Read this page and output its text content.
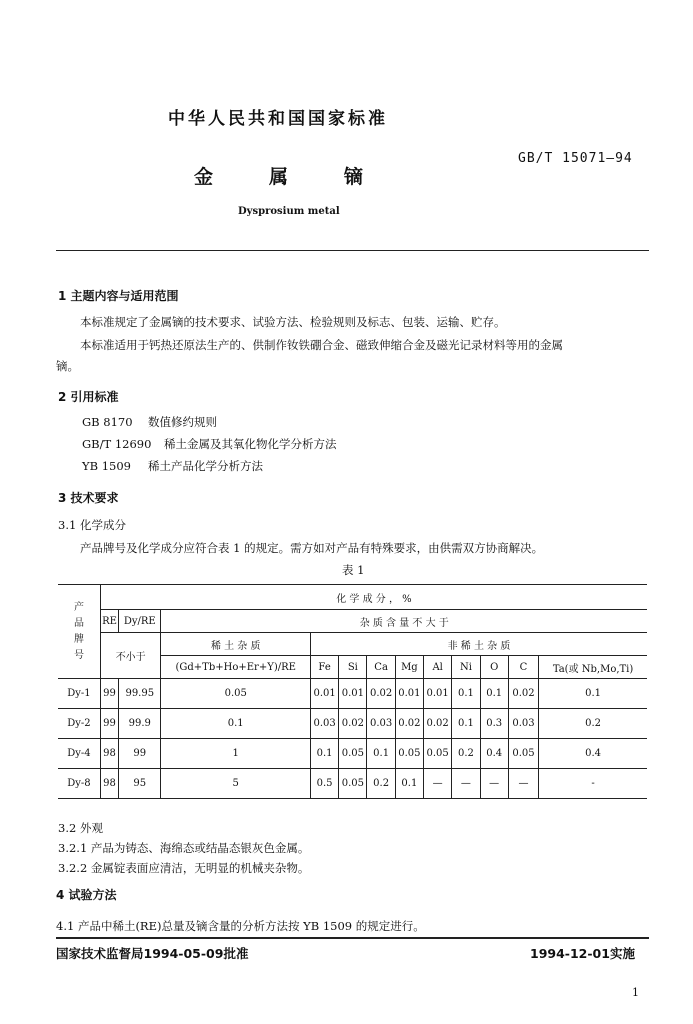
中华人民共和国国家标准
GB/T 15071—94
金属镝
Dysprosium metal
1 主题内容与适用范围
本标准规定了金属镝的技术要求、试验方法、检验规则及标志、包装、运输、贮存。
本标准适用于钙热还原法生产的、供制作钕铁硼合金、磁致伸缩合金及磁光记录材料等用的金属
镝。
2 引用标准
GB 8170 数值修约规则
GB/T 12690 稀土金属及其氧化物化学分析方法
YB 1509 稀土产品化学分析方法
3 技术要求
3.1 化学成分
产品牌号及化学成分应符合表 1 的规定。需方如对产品有特殊要求，由供需双方协商解决。
表 1
产
品
牌
号	化 学 成 分 ， %											
	RE	Dy/RE	杂 质 含 量 不 大 于									
	不小于		稀 土 杂 质	非 稀 土 杂 质								
			(Gd+Tb+Ho+Er+Y)/RE	Fe	Si	Ca	Mg	Al	Ni	O	C	Ta(或 Nb,Mo,Ti)
Dy-1	99	99.95	0.05	0.01	0.01	0.02	0.01	0.01	0.1	0.1	0.02	0.1
Dy-2	99	99.9	0.1	0.03	0.02	0.03	0.02	0.02	0.1	0.3	0.03	0.2
Dy-4	98	99	1	0.1	0.05	0.1	0.05	0.05	0.2	0.4	0.05	0.4
Dy-8	98	95	5	0.5	0.05	0.2	0.1	—	—	—	—	-
3.2 外观
3.2.1 产品为铸态、海绵态或结晶态银灰色金属。
3.2.2 金属锭表面应清洁，无明显的机械夹杂物。
4 试验方法
4.1 产品中稀土(RE)总量及镝含量的分析方法按 YB 1509 的规定进行。
国家技术监督局1994-05-09批准	1994-12-01实施
1
